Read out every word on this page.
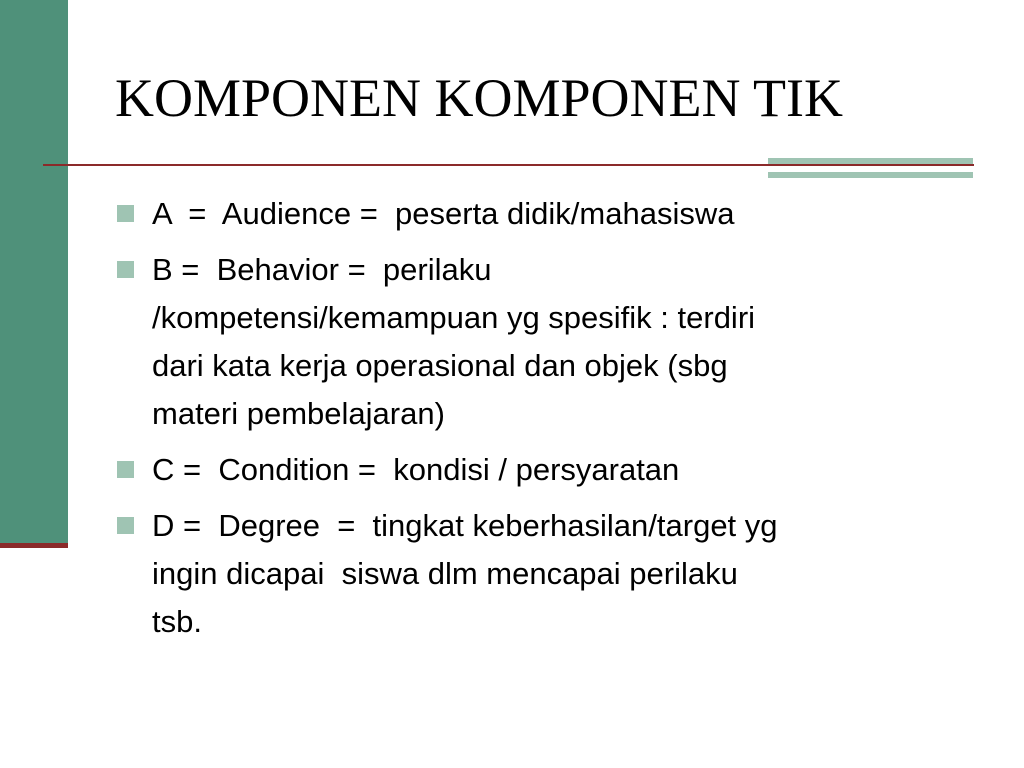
KOMPONEN KOMPONEN TIK
A  =  Audience =  peserta didik/mahasiswa
B =  Behavior =  perilaku
/kompetensi/kemampuan yg spesifik : terdiri
dari kata kerja operasional dan objek (sbg
materi pembelajaran)
C =  Condition =  kondisi / persyaratan
D =  Degree  =  tingkat keberhasilan/target yg
ingin dicapai  siswa dlm mencapai perilaku
tsb.
